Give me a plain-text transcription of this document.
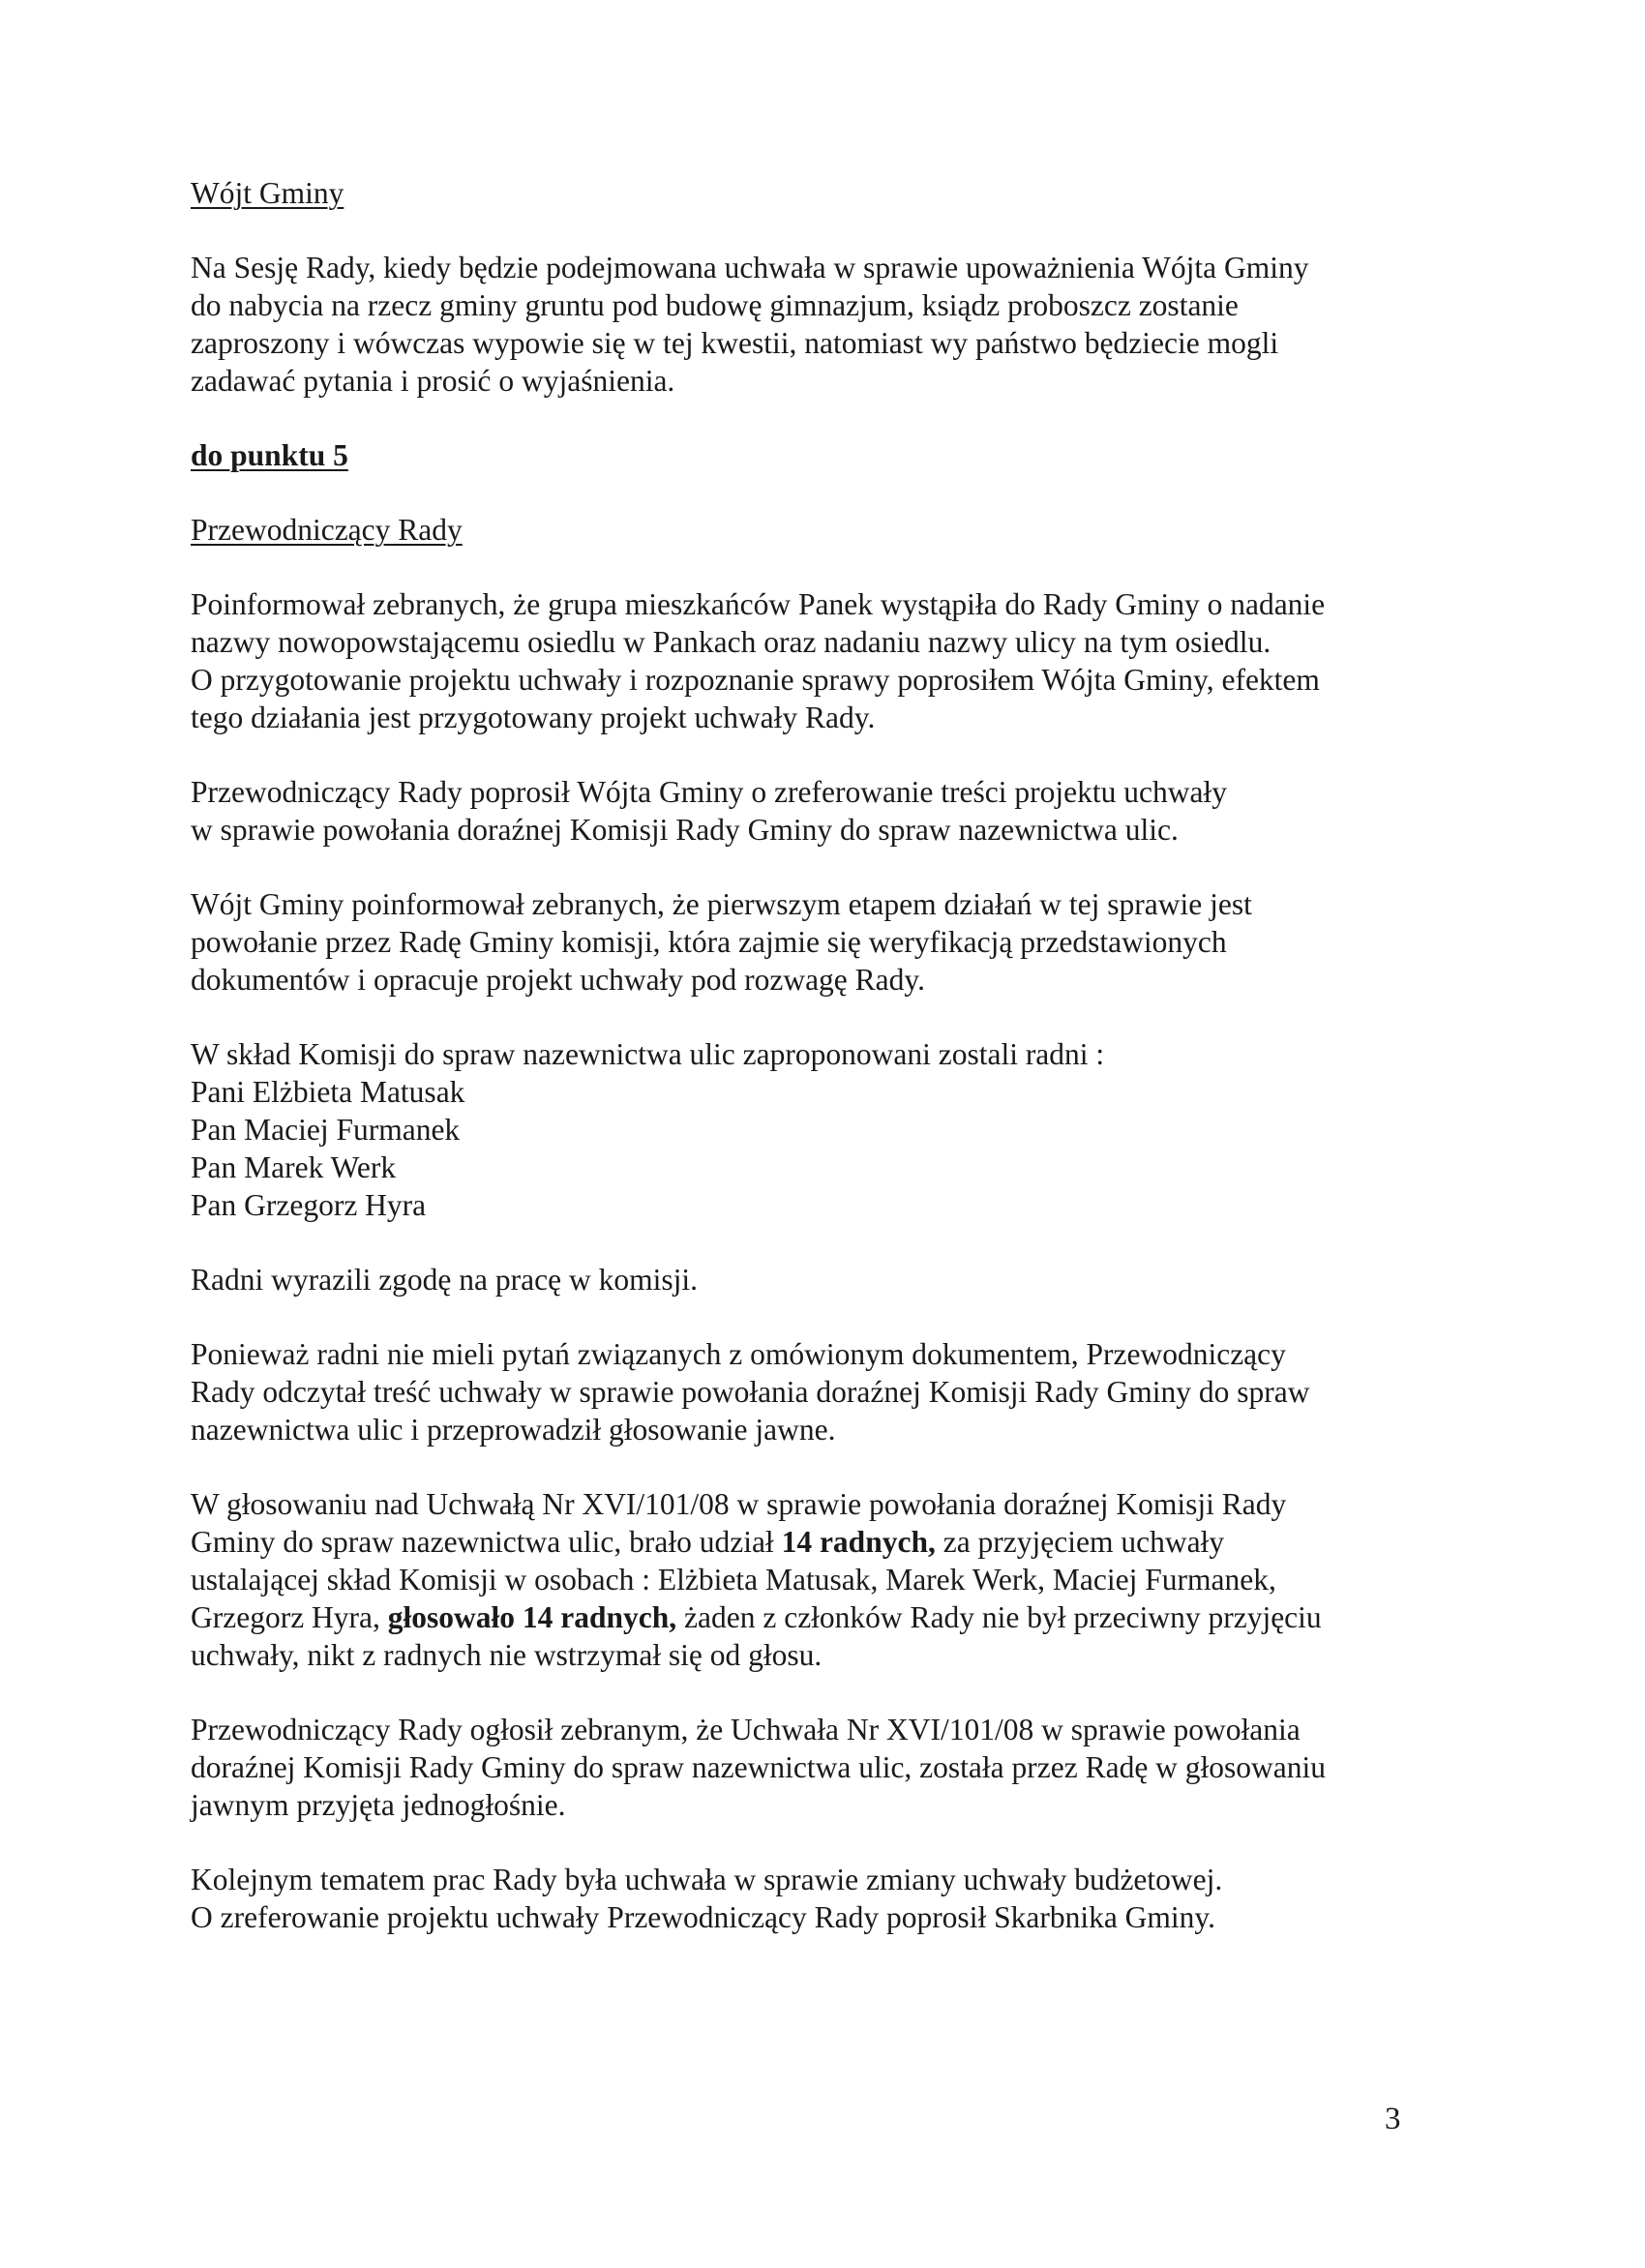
Wójt Gminy

Na Sesję Rady, kiedy będzie podejmowana uchwała w sprawie upoważnienia Wójta Gminy
do nabycia na rzecz gminy gruntu pod budowę gimnazjum, ksiądz proboszcz zostanie
zaproszony i wówczas wypowie się w tej kwestii, natomiast wy państwo będziecie mogli
zadawać pytania i prosić o wyjaśnienia.

do punktu 5

Przewodniczący Rady

Poinformował zebranych, że grupa mieszkańców Panek wystąpiła do Rady Gminy o nadanie
nazwy nowopowstającemu osiedlu w Pankach oraz nadaniu nazwy ulicy na tym osiedlu.
O przygotowanie projektu uchwały i rozpoznanie sprawy poprosiłem Wójta Gminy, efektem
tego działania jest przygotowany projekt uchwały Rady.

Przewodniczący Rady poprosił Wójta Gminy o zreferowanie treści projektu uchwały
w sprawie powołania doraźnej Komisji Rady Gminy do spraw nazewnictwa ulic.

Wójt Gminy poinformował zebranych, że pierwszym etapem działań w tej sprawie jest
powołanie przez Radę Gminy komisji, która zajmie się weryfikacją przedstawionych
dokumentów i opracuje projekt uchwały pod rozwagę Rady.

W skład Komisji do spraw nazewnictwa ulic zaproponowani zostali radni :
Pani Elżbieta Matusak
Pan Maciej Furmanek
Pan Marek Werk
Pan Grzegorz Hyra

Radni wyrazili zgodę na pracę w komisji.

Ponieważ radni nie mieli pytań związanych z omówionym dokumentem, Przewodniczący
Rady odczytał treść uchwały w sprawie powołania doraźnej Komisji Rady Gminy do spraw
nazewnictwa ulic i przeprowadził głosowanie jawne.

W głosowaniu nad Uchwałą Nr XVI/101/08 w sprawie powołania doraźnej Komisji Rady
Gminy do spraw nazewnictwa ulic, brało udział 14 radnych, za przyjęciem uchwały
ustalającej skład Komisji w osobach : Elżbieta Matusak, Marek Werk, Maciej Furmanek,
Grzegorz Hyra, głosowało 14 radnych, żaden z członków Rady nie był przeciwny przyjęciu
uchwały, nikt z radnych nie wstrzymał się od głosu.

Przewodniczący Rady ogłosił zebranym, że Uchwała Nr XVI/101/08 w sprawie powołania
doraźnej Komisji Rady Gminy do spraw nazewnictwa ulic, została przez Radę w głosowaniu
jawnym przyjęta jednogłośnie.

Kolejnym tematem prac Rady była uchwała w sprawie zmiany uchwały budżetowej.
O zreferowanie projektu uchwały Przewodniczący Rady poprosił Skarbnika Gminy.

3
